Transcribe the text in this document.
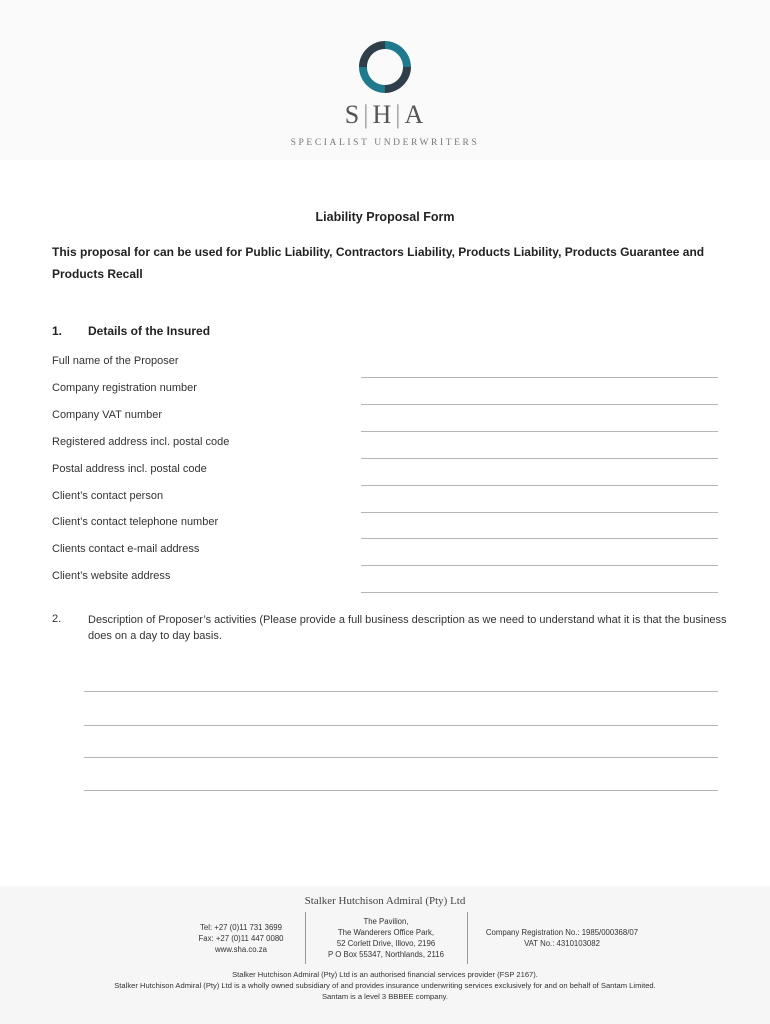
S|H|A
SPECIALIST UNDERWRITERS
Liability Proposal Form
This proposal for can be used for Public Liability, Contractors Liability, Products Liability, Products Guarantee and Products Recall
1. Details of the Insured
Full name of the Proposer
Company registration number
Company VAT number
Registered address incl. postal code
Postal address incl. postal code
Client’s contact person
Client’s contact telephone number
Clients contact e-mail address
Client’s website address
2. Description of Proposer’s activities (Please provide a full business description as we need to understand what it is that the business does on a day to day basis.
Stalker Hutchison Admiral (Pty) Ltd
Tel: +27 (0)11 731 3699
Fax: +27 (0)11 447 0080
www.sha.co.za
The Pavilion,
The Wanderers Office Park,
52 Corlett Drive, Illovo, 2196
P O Box 55347, Northlands, 2116
Company Registration No.: 1985/000368/07
VAT No.: 4310103082
Stalker Hutchison Admiral (Pty) Ltd is an authorised financial services provider (FSP 2167).
Stalker Hutchison Admiral (Pty) Ltd is a wholly owned subsidiary of and provides insurance underwriting services exclusively for and on behalf of Santam Limited.
Santam is a level 3 BBBEE company.
